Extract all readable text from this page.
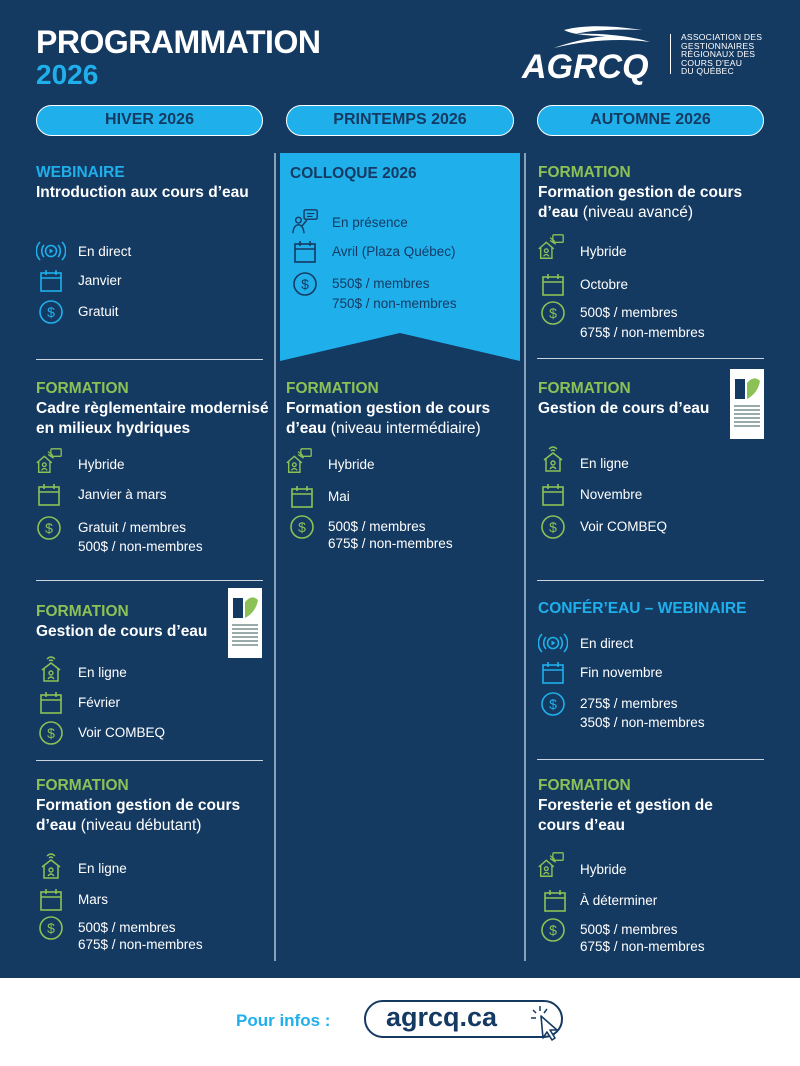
PROGRAMMATION
2026	AGRCQ
ASSOCIATION DES
GESTIONNAIRES
RÉGIONAUX DES
COURS D'EAU
DU QUÉBEC
HIVER 2026	PRINTEMPS 2026	AUTOMNE 2026
WEBINAIRE
Introduction aux cours d’eau
En direct
Janvier
$ Gratuit
FORMATION
Cadre règlementaire modernisé en milieux hydriques
Hybride
Janvier à mars
$ Gratuit / membres
500$ / non-membres
FORMATION
Gestion de cours d’eau
En ligne
Février
$ Voir COMBEQ
FORMATION
Formation gestion de cours d’eau (niveau débutant)
En ligne
Mars
$ 500$ / membres
675$ / non-membres
COLLOQUE 2026
En présence
Avril (Plaza Québec)
$ 550$ / membres
750$ / non-membres
FORMATION
Formation gestion de cours d’eau (niveau intermédiaire)
Hybride
Mai
$ 500$ / membres
675$ / non-membres
FORMATION
Formation gestion de cours d’eau (niveau avancé)
Hybride
Octobre
$ 500$ / membres
675$ / non-membres
FORMATION
Gestion de cours d’eau
En ligne
Novembre
$ Voir COMBEQ
CONFÉR’EAU – WEBINAIRE
En direct
Fin novembre
$ 275$ / membres
350$ / non-membres
FORMATION
Foresterie et gestion de cours d’eau
Hybride
À déterminer
$ 500$ / membres
675$ / non-membres
Pour infos : agrcq.ca
